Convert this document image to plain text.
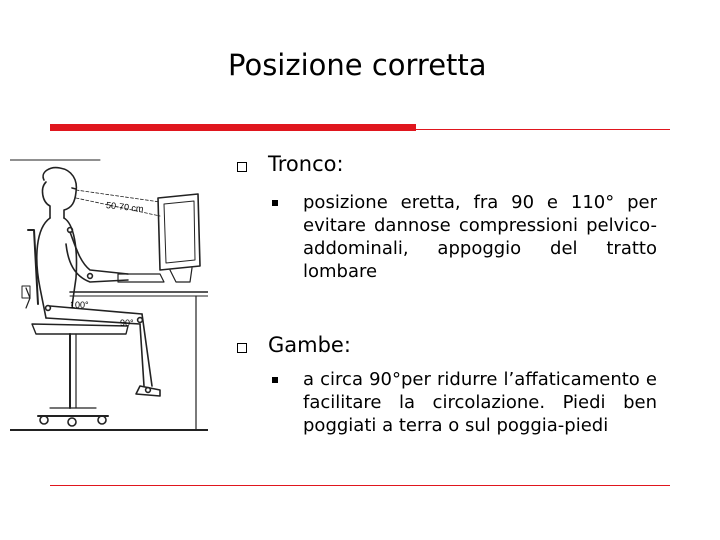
Posizione corretta
50-70 cm
100°
90°
Tronco:
posizione eretta, fra 90 e 110° per evitare dannose compressioni pelvico-addominali, appoggio del tratto lombare
Gambe:
a circa 90°per ridurre l’affaticamento e facilitare la circolazione. Piedi ben poggiati a terra o sul poggia-piedi
